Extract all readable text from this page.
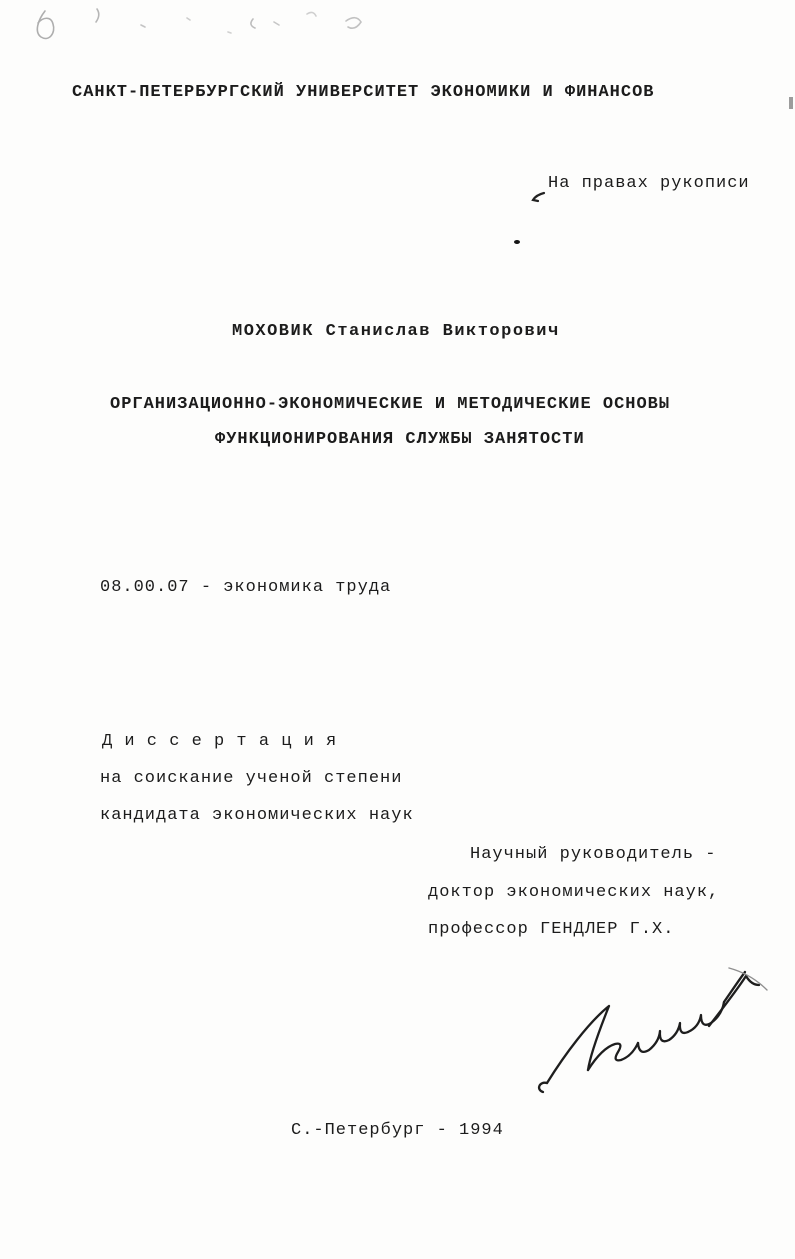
САНКТ-ПЕТЕРБУРГСКИЙ УНИВЕРСИТЕТ ЭКОНОМИКИ И ФИНАНСОВ
На правах рукописи
МОХОВИК Станислав Викторович
ОРГАНИЗАЦИОННО-ЭКОНОМИЧЕСКИЕ И МЕТОДИЧЕСКИЕ ОСНОВЫ
ФУНКЦИОНИРОВАНИЯ СЛУЖБЫ ЗАНЯТОСТИ
08.00.07 - экономика труда
Д и с с е р т а ц и я
на соискание ученой степени
кандидата экономических наук
Научный руководитель -
доктор экономических наук,
профессор ГЕНДЛЕР Г.Х.
С.-Петербург - 1994
